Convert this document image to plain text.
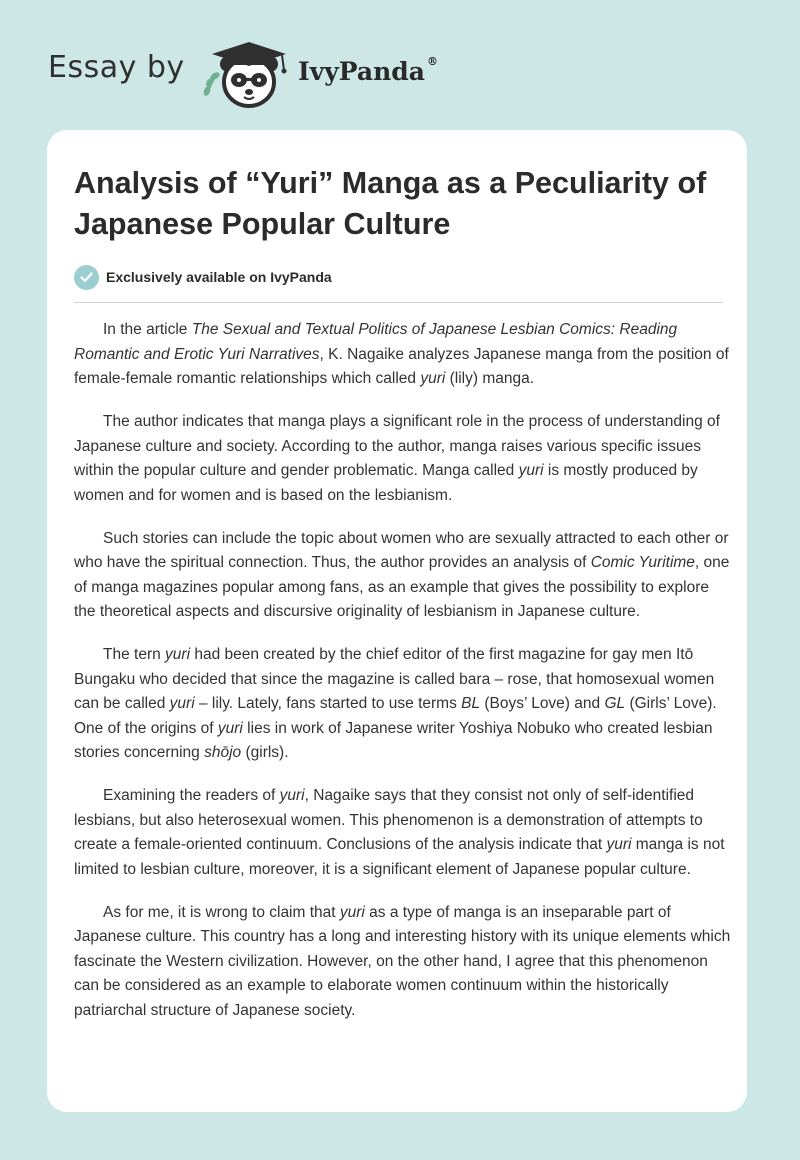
Essay by	IvyPanda ®
Analysis of “Yuri” Manga as a Peculiarity of Japanese Popular Culture
Exclusively available on IvyPanda

In the article The Sexual and Textual Politics of Japanese Lesbian Comics: Reading Romantic and Erotic Yuri Narratives, K. Nagaike analyzes Japanese manga from the position of female-female romantic relationships which called yuri (lily) manga.

The author indicates that manga plays a significant role in the process of understanding of Japanese culture and society. According to the author, manga raises various specific issues within the popular culture and gender problematic. Manga called yuri is mostly produced by women and for women and is based on the lesbianism.

Such stories can include the topic about women who are sexually attracted to each other or who have the spiritual connection. Thus, the author provides an analysis of Comic Yuritime, one of manga magazines popular among fans, as an example that gives the possibility to explore the theoretical aspects and discursive originality of lesbianism in Japanese culture.

The tern yuri had been created by the chief editor of the first magazine for gay men Itō Bungaku who decided that since the magazine is called bara – rose, that homosexual women can be called yuri – lily. Lately, fans started to use terms BL (Boys’ Love) and GL (Girls’ Love). One of the origins of yuri lies in work of Japanese writer Yoshiya Nobuko who created lesbian stories concerning shōjo (girls).

Examining the readers of yuri, Nagaike says that they consist not only of self-identified lesbians, but also heterosexual women. This phenomenon is a demonstration of attempts to create a female-oriented continuum. Conclusions of the analysis indicate that yuri manga is not limited to lesbian culture, moreover, it is a significant element of Japanese popular culture.

As for me, it is wrong to claim that yuri as a type of manga is an inseparable part of Japanese culture. This country has a long and interesting history with its unique elements which fascinate the Western civilization. However, on the other hand, I agree that this phenomenon can be considered as an example to elaborate women continuum within the historically patriarchal structure of Japanese society.
